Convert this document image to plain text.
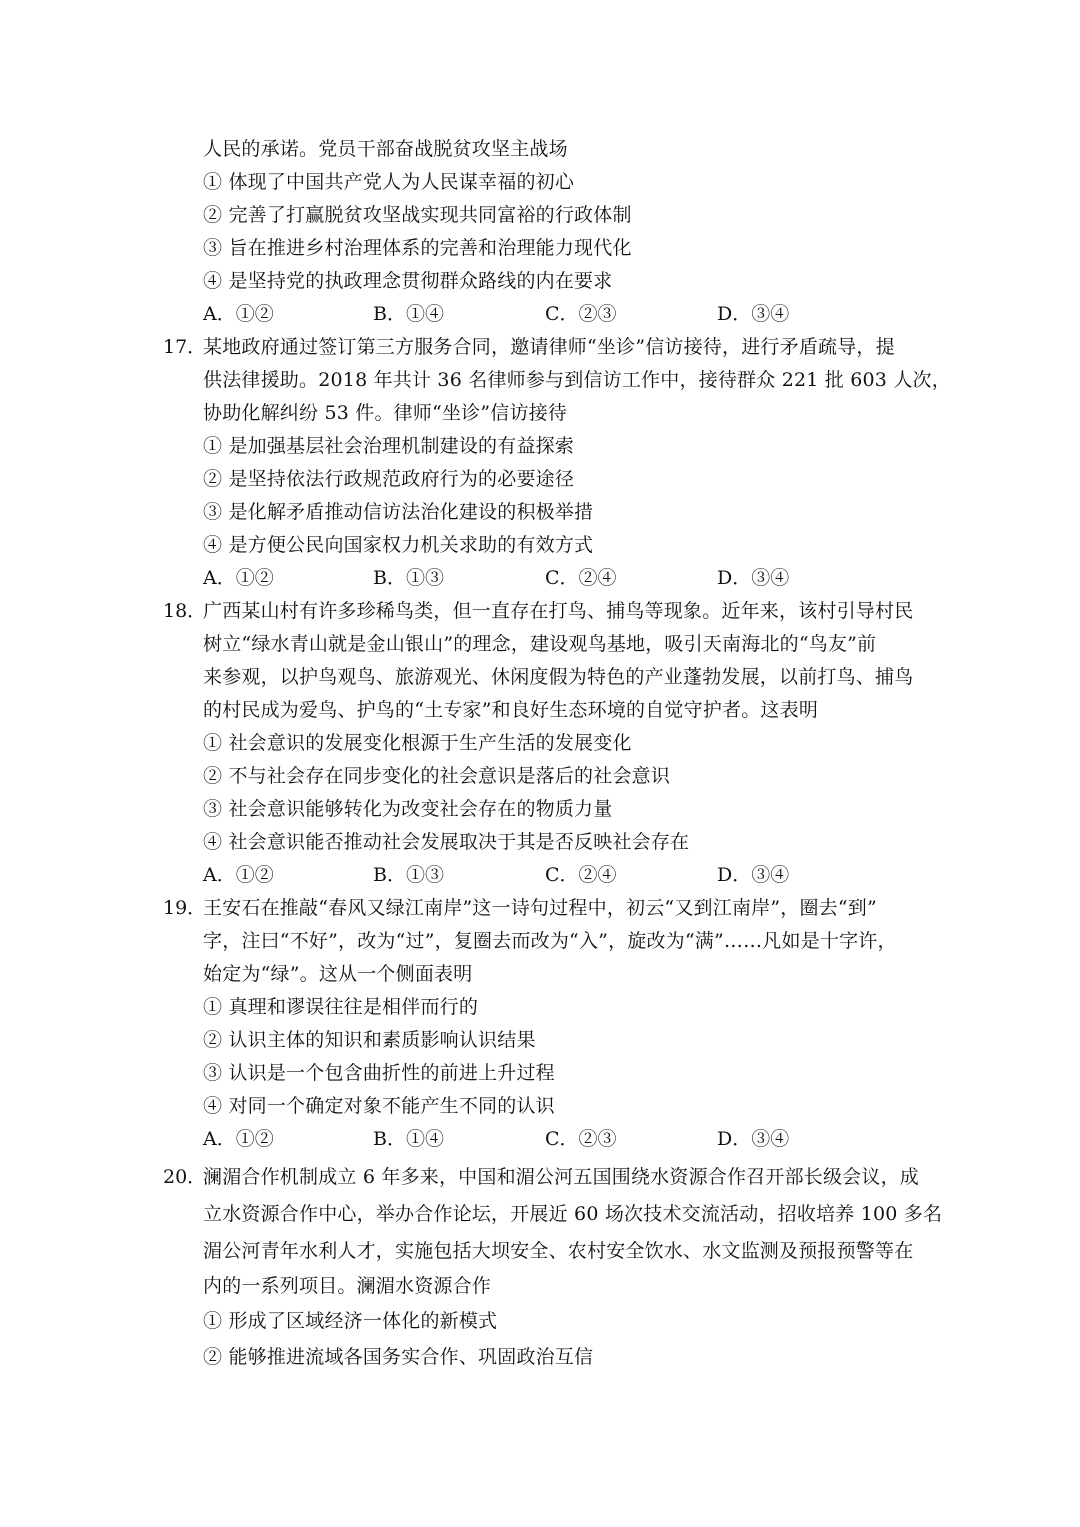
人民的承诺。党员干部奋战脱贫攻坚主战场
① 体现了中国共产党人为人民谋幸福的初心
② 完善了打赢脱贫攻坚战实现共同富裕的行政体制
③ 旨在推进乡村治理体系的完善和治理能力现代化
④ 是坚持党的执政理念贯彻群众路线的内在要求
A．①②	B．①④	C．②③	D．③④
17．
某地政府通过签订第三方服务合同，邀请律师“坐诊”信访接待，进行矛盾疏导，提
供法律援助。2018 年共计 36 名律师参与到信访工作中，接待群众 221 批 603 人次，
协助化解纠纷 53 件。律师“坐诊”信访接待
① 是加强基层社会治理机制建设的有益探索
② 是坚持依法行政规范政府行为的必要途径
③ 是化解矛盾推动信访法治化建设的积极举措
④ 是方便公民向国家权力机关求助的有效方式
A．①②	B．①③	C．②④	D．③④
18．
广西某山村有许多珍稀鸟类，但一直存在打鸟、捕鸟等现象。近年来，该村引导村民
树立“绿水青山就是金山银山”的理念，建设观鸟基地，吸引天南海北的“鸟友”前
来参观，以护鸟观鸟、旅游观光、休闲度假为特色的产业蓬勃发展，以前打鸟、捕鸟
的村民成为爱鸟、护鸟的“土专家”和良好生态环境的自觉守护者。这表明
① 社会意识的发展变化根源于生产生活的发展变化
② 不与社会存在同步变化的社会意识是落后的社会意识
③ 社会意识能够转化为改变社会存在的物质力量
④ 社会意识能否推动社会发展取决于其是否反映社会存在
A．①②	B．①③	C．②④	D．③④
19．
王安石在推敲“春风又绿江南岸”这一诗句过程中，初云“又到江南岸”，圈去“到”
字，注曰“不好”，改为“过”，复圈去而改为“入”，旋改为“满”……凡如是十字许，
始定为“绿”。这从一个侧面表明
① 真理和谬误往往是相伴而行的
② 认识主体的知识和素质影响认识结果
③ 认识是一个包含曲折性的前进上升过程
④ 对同一个确定对象不能产生不同的认识
A．①②	B．①④	C．②③	D．③④
20．
澜湄合作机制成立 6 年多来，中国和湄公河五国围绕水资源合作召开部长级会议，成
立水资源合作中心，举办合作论坛，开展近 60 场次技术交流活动，招收培养 100 多名
湄公河青年水利人才，实施包括大坝安全、农村安全饮水、水文监测及预报预警等在
内的一系列项目。澜湄水资源合作
① 形成了区域经济一体化的新模式
② 能够推进流域各国务实合作、巩固政治互信
